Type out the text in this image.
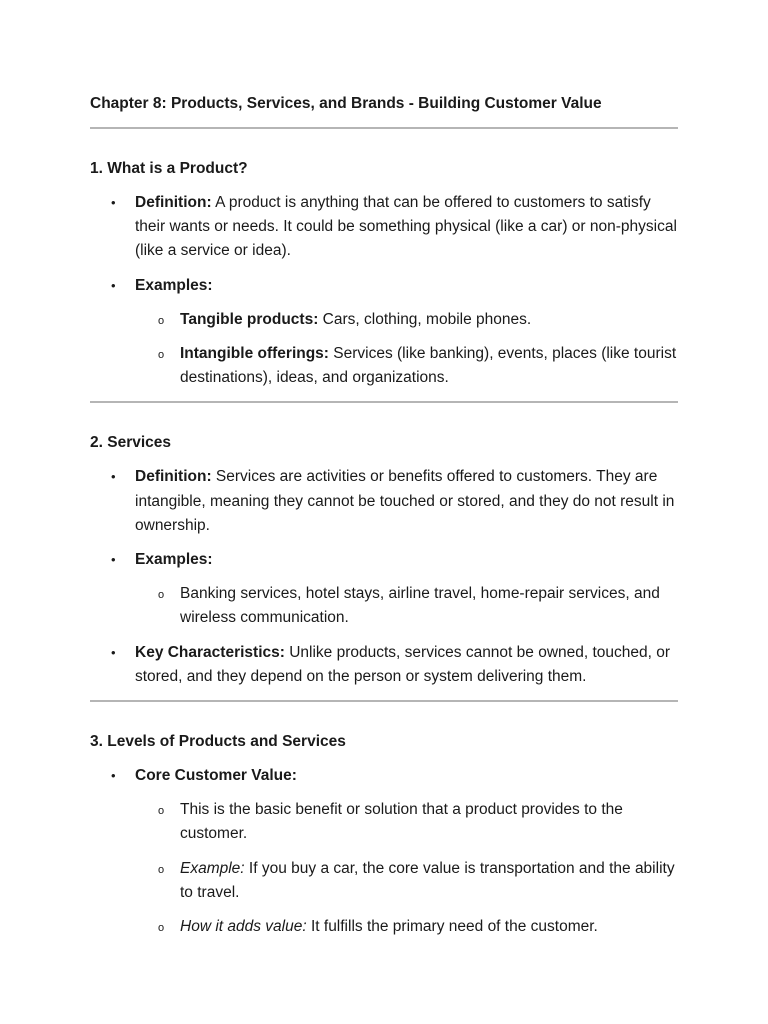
Chapter 8: Products, Services, and Brands - Building Customer Value

1. What is a Product?

• Definition: A product is anything that can be offered to customers to satisfy their wants or needs. It could be something physical (like a car) or non-physical (like a service or idea).
• Examples:
o Tangible products: Cars, clothing, mobile phones.
o Intangible offerings: Services (like banking), events, places (like tourist destinations), ideas, and organizations.

2. Services

• Definition: Services are activities or benefits offered to customers. They are intangible, meaning they cannot be touched or stored, and they do not result in ownership.
• Examples:
o Banking services, hotel stays, airline travel, home-repair services, and wireless communication.
• Key Characteristics: Unlike products, services cannot be owned, touched, or stored, and they depend on the person or system delivering them.

3. Levels of Products and Services

• Core Customer Value:
o This is the basic benefit or solution that a product provides to the customer.
o Example: If you buy a car, the core value is transportation and the ability to travel.
o How it adds value: It fulfills the primary need of the customer.
